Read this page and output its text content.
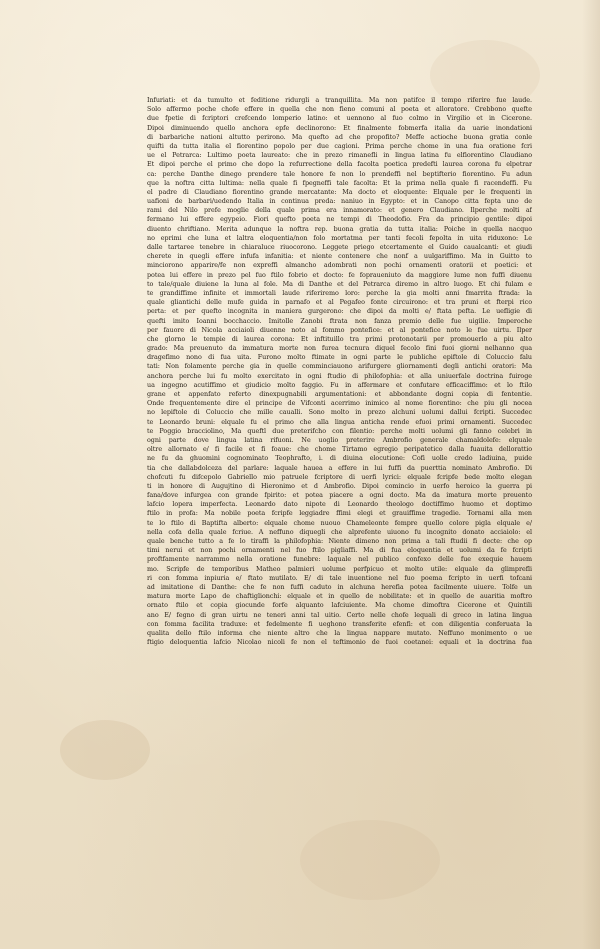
Infuriati: et da tumulto et feditione ridurgli a tranquillita. Ma non patifce il tempo riferire fue laude.
Solo affermo poche chofe effere in quella che non fieno comuni al poeta et alloratore. Crebbono quefte
due fpetie di fcriptori crefcendo lomperio latino: et uennono al fuo colmo in Virgilio et in Cicerone.
Dipoi diminuendo quello anchora epfe declinorono: Et finalmente fobmerfa italia da uarie inondationi
di barbariche nationi altutto perirono. Ma quefto ad che propofito? Meffe actioche buona gratia conle
quifti da tutta italia el fiorentino popolo per due cagioni. Prima perche chome in una fua oratione fcri
ue el Petrarca: Lultimo poeta laureato: che in prezo rimanefli in lingua latina fu elfiorentino Claudiano
Et dipoi perche el primo che dopo la refurrectione della facolta poetica predefti laurea corona fu elpetrar
ca: perche Danthe dinego prendere tale honore fe non lo prendeffi nel beptifterio fiorentino. Fu adun
que la noftra citta lultima: nella quale fi fpegneffi tale facolta: Et la prima nella quale fi racendeffi. Fu
el padre di Claudiano fiorentino grande mercatante: Ma docto et eloquente: Elquale per le frequenti in
uafioni de barbari/uedendo Italia in continua preda: naniuo in Egypto: et in Canopo citta fepta uno de
rami del Nilo prefe moglie della quale prima era innamorato: et genero Claudiano. Ilperche molti af
fermano lui effere egypeio. Fiori quefto poeta ne tempi di Theodofio. Fra da principio gentile: dipoi
diuento chriftiano. Merita adunque la noftra rep. buona gratia da tutta italia: Poiche in quella nacquo
no eprimi che luna et laltra eloquentia/non folo mortatma per tanti fecoli fepolta in uita riduxono: Le
dalle tartaree tenebre in chiaraluce riuocorono. Leggete priego etcertamente el Guido caualcanti: et giudi
cherete in quegli effere infufa infanitia: et niente contenere che nonf a uulgariffimo. Ma in Guitto to
minciorono apparire/fe non expreffi almancho adombrati non pochi ornamenti oratorii et poetici: et
potea lui effere in prezo pel fuo ftilo fobrio et docto: fe fopraueniuto da maggiore lume non fuffi diuenu
to tale/quale diuiene la luna al fole. Ma di Danthe et del Petrarca diremo in altro luogo. Et chi fulam e
te grandiffime infinite et immortali laude riferiremo loro: perche la gia molti anni fmarrita ftrada: la
quale gliantichi delle mufe guida in parnafo et al Pegafeo fonte circuirono: et tra pruni et fterpi rico
perta: et per quefto incognita in maniera gurgerono: che dipoi da molti e/ ftata pefta. Le uefligie di
quefti imito Ioanni bocchaccio. Imitolle Zanobi ftrata non fanza premio delle fue uigilie. Imperoche
per fauore di Nicola acciaioli diuenne noto al fommo pontefice: et al pontefice noto le fue uirtu. Ilper
che glorno le tempie di laurea corona: Et inftituillo tra primi protonotarii per promouerlo a piu alto
grado: Ma preuenuto da immatura morte non furea tecnura diquel fecolo fini fuoi giorni nelhanno qua
dragefimo nono di fua uita. Furono molto ftimate in ogni parte le publiche epiftole di Coluccio falu
tati: Non folamente perche gia in quelle comminciauono arifurgere gliornamenti degli antichi oratori: Ma
anchora perche lui fu molto exercitato in ogni ftudio di philofophia: et alla uniuerfale doctrina fuiroge
ua ingegno acutiffimo et giudicio molto faggio. Fu in affermare et confutare efficaciffimo: et lo ftilo
grane et appenfato referto dinexpugnabili argumentationi: et abbondante dogni copia di fententie.
Onde frequentemente dire el principe de Vifconti acerrimo inimico al nome fiorentino: che piu gli nocea
no lepiftole di Coluccio che mille caualli. Sono molto in prezo alchuni uolumi dallui fcripti. Succedec
te Leonardo bruni: elquale fu el primo che alla lingua anticha rende efuoi primi ornamenti. Succedec
te Poggio bracciolino, Ma queftl due preterifcho con filentio: perche molti uolumi gli fanno celebri in
ogni parte dove lingua latina rifuoni. Ne uoglio preterire Ambrofio generale chamaldolefe: elquale
oltre allornato e/ fi facile et fi foaue: che chome Tirtamo egregio peripatetico dalla fuauita dellorattio
ne fu da ghuomini cognominato Teophrafto, i. di diuina elocutione: Cofi uolle credo ladiuina, puide
tia che dallabdolceza del parlare: laquale hauea a effere in lui fuffi da puerttia nominato Ambrofio. Di
chofcuti fu difcepolo Gabriello mio patruele fcriptore di uerfi lyrici: elquale fcripfe bede molto elegan
ti in honore di Augujtino di Hieronimo et d Ambrofio. Dipoi comincio in uerfo heroico la guerra pi
fana/dove infurgea con grande fpirito: et potea piacere a ogni docto. Ma da imatura morte preuento
lafcio lopera imperfecta. Leonardo dato nipote di Leonardo theologo doctiffimo huomo et doptimo
ftilo in profa: Ma nobile poeta fcripfe leggiadre ffimi elegi et grauiffime tragedie. Tornami alla men
te lo ftilo di Baptifta alberto: elquale chome nuouo Chameleonte fempre quello colore pigla elquale e/
nella cofa della quale fcriue. A neffuno diquegli che alprefente uiuono fu incognito donato acciaiolo: el
quale benche tutto a fe lo tiraffi la philofophia: Niente dimeno non prima a tali ftudii fi decte: che op
timi nerui et non pochi ornamenti nel fuo ftilo pigliaffi. Ma di fua eloquentia et uolumi da fe fcripti
proftfamente narrammo nella oratione funebre: laquale nel publico confexo delle fue exequie hauem
mo. Scripfe de temporibus Matheo palmieri uolume perfpicuo et molto utile: elquale da glimprefli
ri con fomma inpiuria e/ ftato mutilato. E/ di tale inuentione nel fuo poema fcripto in uerfi tofcani
ad imitatione di Danthe: che fe non fuffi caduto in alchuna herefia potea facilmente uiuere. Tolfe un
matura morte Lapo de chaftiglionchi: elquale et in quello de nobilitate: et in quello de auaritia moftro
ornato ftilo et copia giocunde forfe alquanto lafciuiente. Ma chome dimoftra Cicerone et Quintili
ano E/ fegno di gran uirtu ne teneri anni tal uitio. Certo nelle chofe lequali di greco in latina lingua
con fomma facilita traduxe: et fedelmente fi ueghono transferite efenfi: et con diligentia conferuata la
qualita dello ftilo informa che niente altro che la lingua nappare mutato. Neffuno monimento o ue
ftigio deloquentia lafcio Nicolao nicoli fe non el teftimonio de fuoi coetanei: equali et la doctrina fua
